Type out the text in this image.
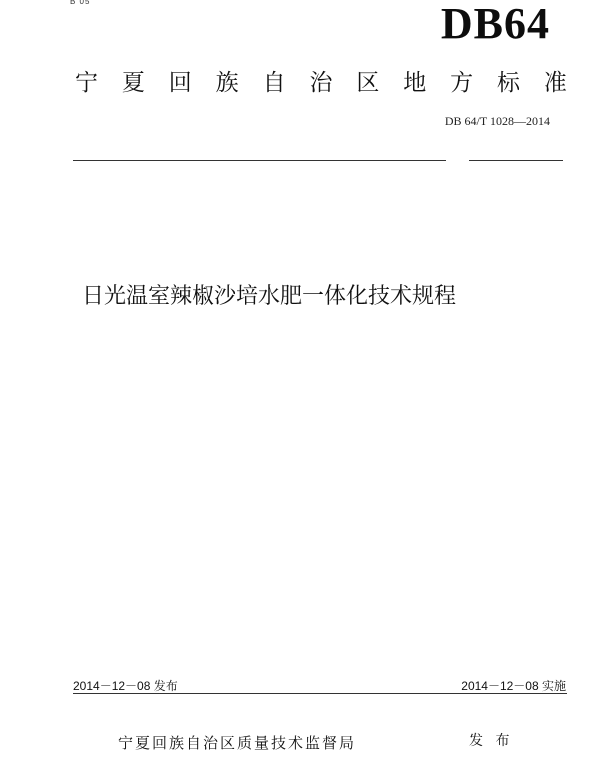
B 05	DB64
宁 夏 回 族 自 治 区 地 方 标 准
DB 64/T 1028—2014
日光温室辣椒沙培水肥一体化技术规程
2014－12－08 发布	2014－12－08 实施
宁夏回族自治区质量技术监督局	发 布
